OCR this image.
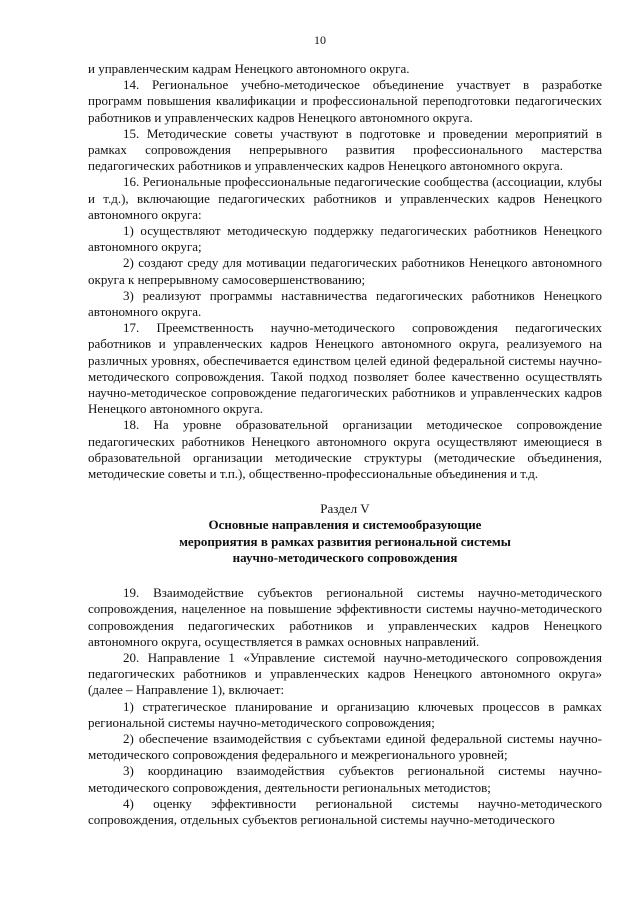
10

и управленческим кадрам Ненецкого автономного округа.

14. Региональное учебно-методическое объединение участвует в разработке программ повышения квалификации и профессиональной переподготовки педагогических работников и управленческих кадров Ненецкого автономного округа.

15. Методические советы участвуют в подготовке и проведении мероприятий в рамках сопровождения непрерывного развития профессионального мастерства педагогических работников и управленческих кадров Ненецкого автономного округа.

16. Региональные профессиональные педагогические сообщества (ассоциации, клубы и т.д.), включающие педагогических работников и управленческих кадров Ненецкого автономного округа:

1) осуществляют методическую поддержку педагогических работников Ненецкого автономного округа;

2) создают среду для мотивации педагогических работников Ненецкого автономного округа к непрерывному самосовершенствованию;

3) реализуют программы наставничества педагогических работников Ненецкого автономного округа.

17. Преемственность научно-методического сопровождения педагогических работников и управленческих кадров Ненецкого автономного округа, реализуемого на различных уровнях, обеспечивается единством целей единой федеральной системы научно-методического сопровождения. Такой подход позволяет более качественно осуществлять научно-методическое сопровождение педагогических работников и управленческих кадров Ненецкого автономного округа.

18. На уровне образовательной организации методическое сопровождение педагогических работников Ненецкого автономного округа осуществляют имеющиеся в образовательной организации методические структуры (методические объединения, методические советы и т.п.), общественно-профессиональные объединения и т.д.

Раздел V
Основные направления и системообразующие
мероприятия в рамках развития региональной системы
научно-методического сопровождения

19. Взаимодействие субъектов региональной системы научно-методического сопровождения, нацеленное на повышение эффективности системы научно-методического сопровождения педагогических работников и управленческих кадров Ненецкого автономного округа, осуществляется в рамках основных направлений.

20. Направление 1 «Управление системой научно-методического сопровождения педагогических работников и управленческих кадров Ненецкого автономного округа» (далее – Направление 1), включает:

1) стратегическое планирование и организацию ключевых процессов в рамках региональной системы научно-методического сопровождения;

2) обеспечение взаимодействия с субъектами единой федеральной системы научно-методического сопровождения федерального и межрегионального уровней;

3) координацию взаимодействия субъектов региональной системы научно-методического сопровождения, деятельности региональных методистов;

4) оценку эффективности региональной системы научно-методического сопровождения, отдельных субъектов региональной системы научно-методического
